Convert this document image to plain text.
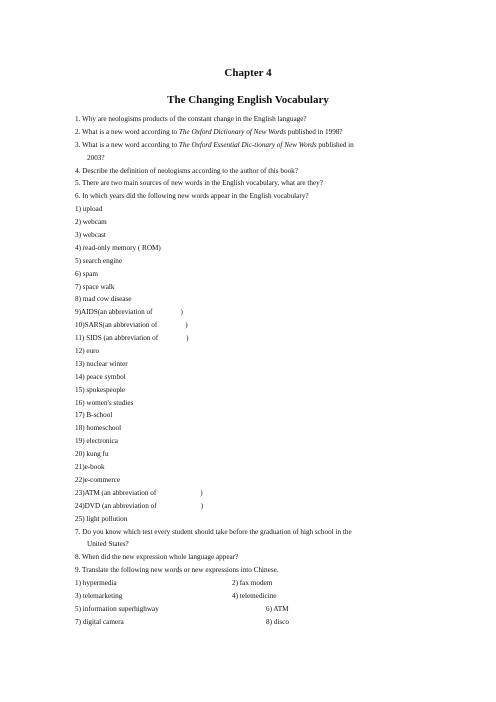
Chapter 4
The Changing English Vocabulary
1. Why are neologisms products of the constant change in the English language?
2. What is a new word according to The Oxford Dictionary of New Words published in 1998?
3. What is a new word according to The Oxford Essential Dic-tionary of New Words published in
2003?
4. Describe the definition of neologisms according to the author of this book?
5. There are two main sources of new words in the English vocabulary, what are they?
6. In which years did the following new words appear in the English vocabulary?
1) upload
2) webcam
3) webcast
4) read-only memory ( ROM)
5) search engine
6) spam
7) space walk
8) mad cow disease
9)AIDS(an abbreviation of	)
10)SARS(an abbreviation of	)
11) SIDS (an abbreviation of	)
12) euro
13) nuclear winter
14) peace symbol
15) spokespeople
16) women's studies
17) B-school
18) homeschool
19) electronica
20) kung fu
21)e-book
22)e-commerce
23)ATM (an abbreviation of	)
24)DVD (an abbreviation of	)
25) light pollution
7. Do you know which test every student should take before the graduation of high school in the
United States?
8. When did the new expression whole language appear?
9. Translate the following new words or new expressions into Chinese.
1) hypermedia	2) fax modem
3) telemarketing	4) telemedicine
5) information superhighway	6) ATM
7) digital camera	8) disco
